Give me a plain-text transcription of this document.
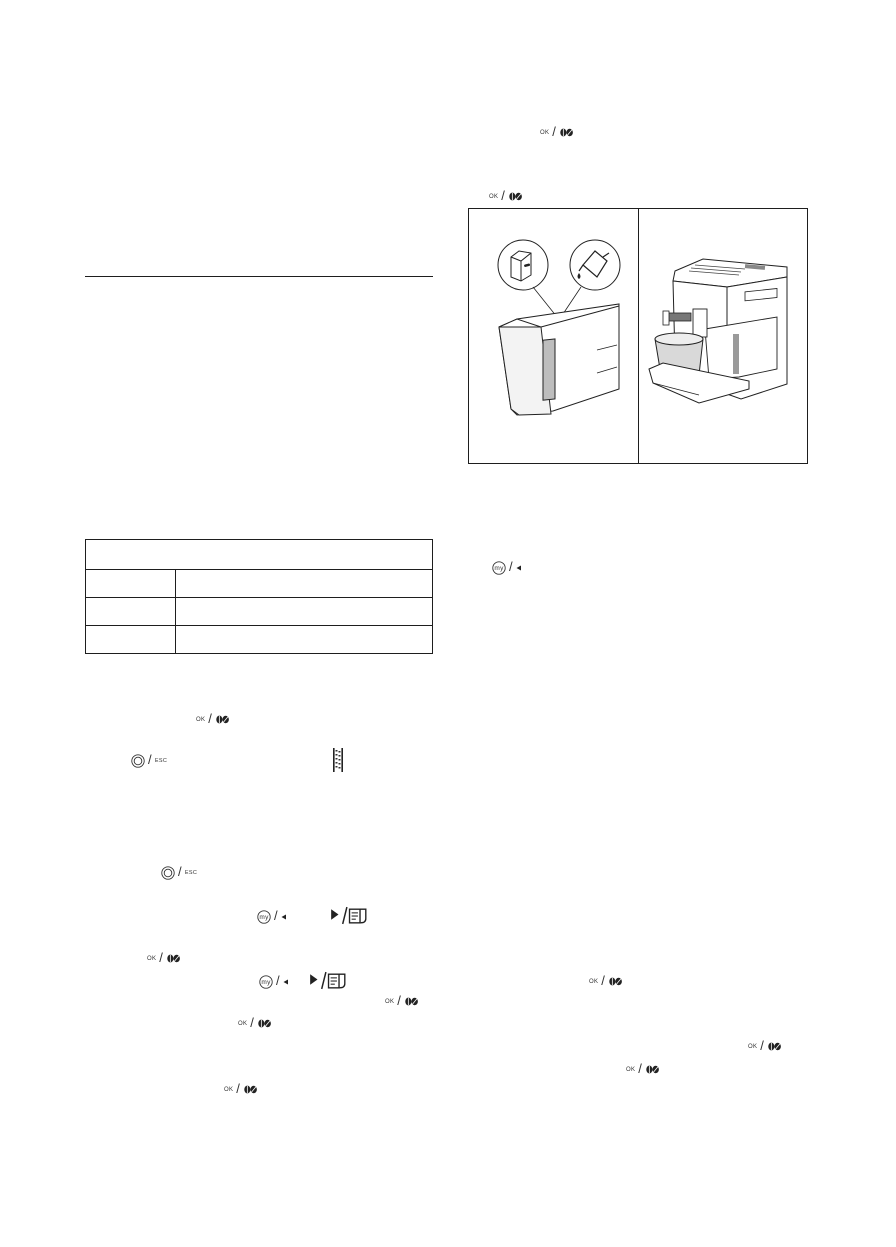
OK /
/ ESC
/ ESC
/
OK /
/
OK /
OK /
OK /
OK /
OK /
/
OK /
OK /
OK /
